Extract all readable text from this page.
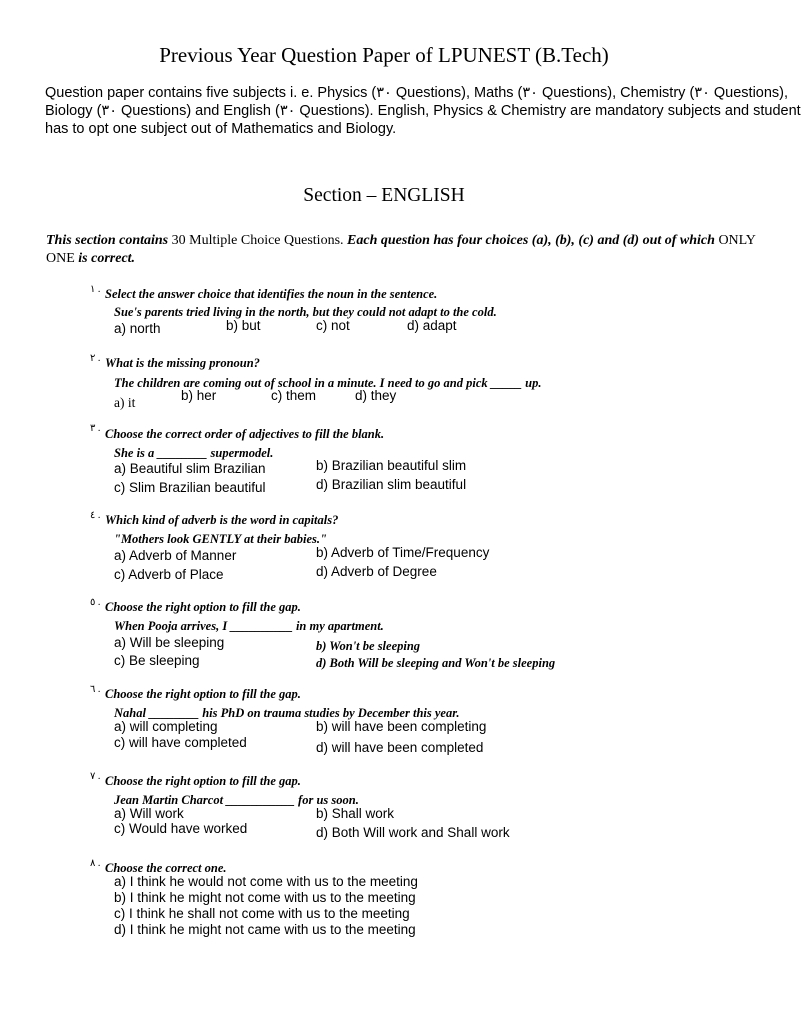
Previous Year Question Paper of LPUNEST (B.Tech)
Question paper contains five subjects i. e. Physics (٣٠ Questions), Maths (٣٠ Questions), Chemistry (٣٠ Questions), Biology (٣٠ Questions) and English (٣٠ Questions). English, Physics & Chemistry are mandatory subjects and student has to opt one subject out of Mathematics and Biology.
Section – ENGLISH
This section contains 30 Multiple Choice Questions. Each question has four choices (a), (b), (c) and (d) out of which ONLY ONE is correct.
١ . Select the answer choice that identifies the noun in the sentence.
Sue's parents tried living in the north, but they could not adapt to the cold.
a) north	b) but	c) not	d) adapt
٢ . What is the missing pronoun?
The children are coming out of school in a minute. I need to go and pick _____ up.
a) it	b) her	c) them	d) they
٣ . Choose the correct order of adjectives to fill the blank.
She is a ________ supermodel.
a) Beautiful slim Brazilian	b) Brazilian beautiful slim
c) Slim Brazilian beautiful	d) Brazilian slim beautiful
٤ . Which kind of adverb is the word in capitals?
"Mothers look GENTLY at their babies."
a) Adverb of Manner	b) Adverb of Time/Frequency
c) Adverb of Place	d) Adverb of Degree
٥ . Choose the right option to fill the gap.
When Pooja arrives, I __________ in my apartment.
a) Will be sleeping	b) Won't be sleeping
c) Be sleeping	d) Both Will be sleeping and Won't be sleeping
٦ . Choose the right option to fill the gap.
Nahal ________ his PhD on trauma studies by December this year.
a) will completing	b) will have been completing
c) will have completed	d) will have been completed
٧ . Choose the right option to fill the gap.
Jean Martin Charcot ___________ for us soon.
a) Will work	b) Shall work
c) Would have worked	d) Both Will work and Shall work
٨ . Choose the correct one.
a) I think he would not come with us to the meeting
b) I think he might not come with us to the meeting
c) I think he shall not come with us to the meeting
d) I think he might not came with us to the meeting
